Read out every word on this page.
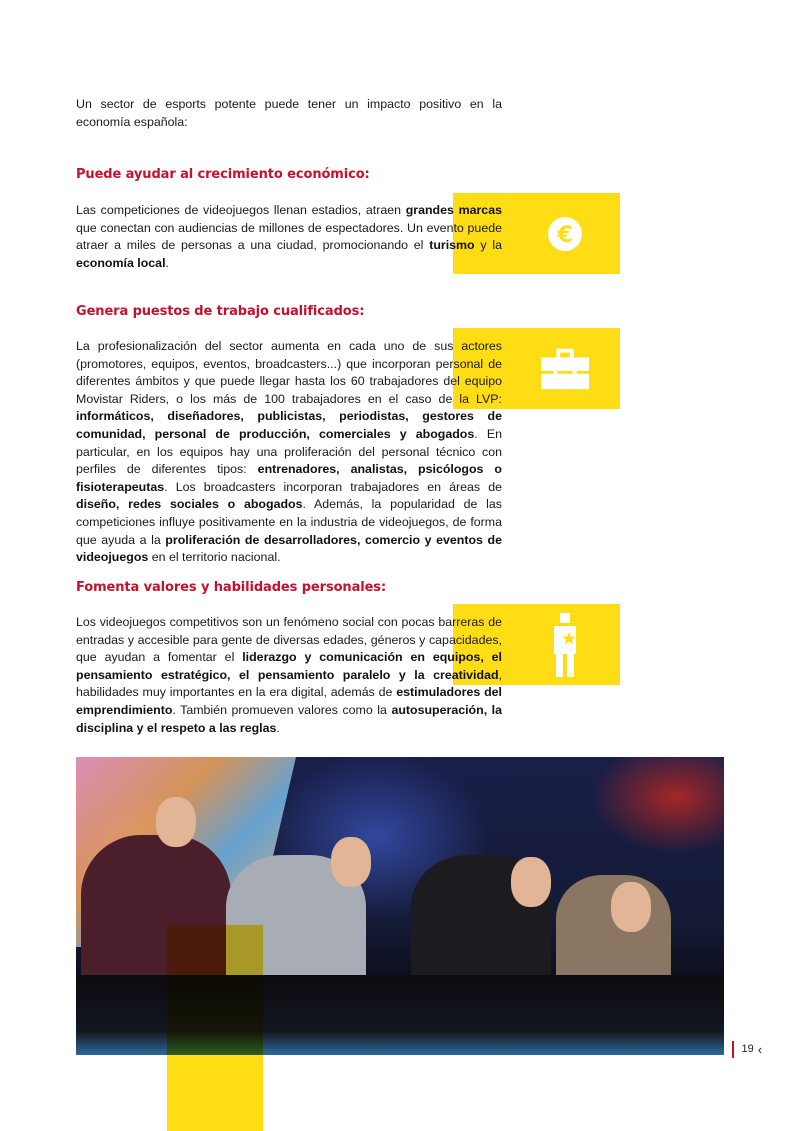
Un sector de esports potente puede tener un impacto positivo en la economía española:

Puede ayudar al crecimiento económico:
€

Las competiciones de videojuegos llenan estadios, atraen grandes marcas que conectan con audiencias de millones de espectadores. Un evento puede atraer a miles de personas a una ciudad, promocionando el turismo y la economía local.

Genera puestos de trabajo cualificados:

La profesionalización del sector aumenta en cada uno de sus actores (promotores, equipos, eventos, broadcasters...) que incorporan personal de diferentes ámbitos y que puede llegar hasta los 60 trabajadores del equipo Movistar Riders, o los más de 100 trabajadores en el caso de la LVP: informáticos, diseñadores, publicistas, periodistas, gestores de comunidad, personal de producción, comerciales y abogados. En particular, en los equipos hay una proliferación del personal técnico con perfiles de diferentes tipos: entrenadores, analistas, psicólogos o fisioterapeutas. Los broadcasters incorporan trabajadores en áreas de diseño, redes sociales o abogados. Además, la popularidad de las competiciones influye positivamente en la industria de videojuegos, de forma que ayuda a la proliferación de desarrolladores, comercio y eventos de videojuegos en el territorio nacional.

Fomenta valores y habilidades personales:

Los videojuegos competitivos son un fenómeno social con pocas barreras de entradas y accesible para gente de diversas edades, géneros y capacidades, que ayudan a fomentar el liderazgo y comunicación en equipos, el pensamiento estratégico, el pensamiento paralelo y la creatividad, habilidades muy importantes en la era digital, además de estimuladores del emprendimiento. También promueven valores como la autosuperación, la disciplina y el respeto a las reglas.

19 ‹
